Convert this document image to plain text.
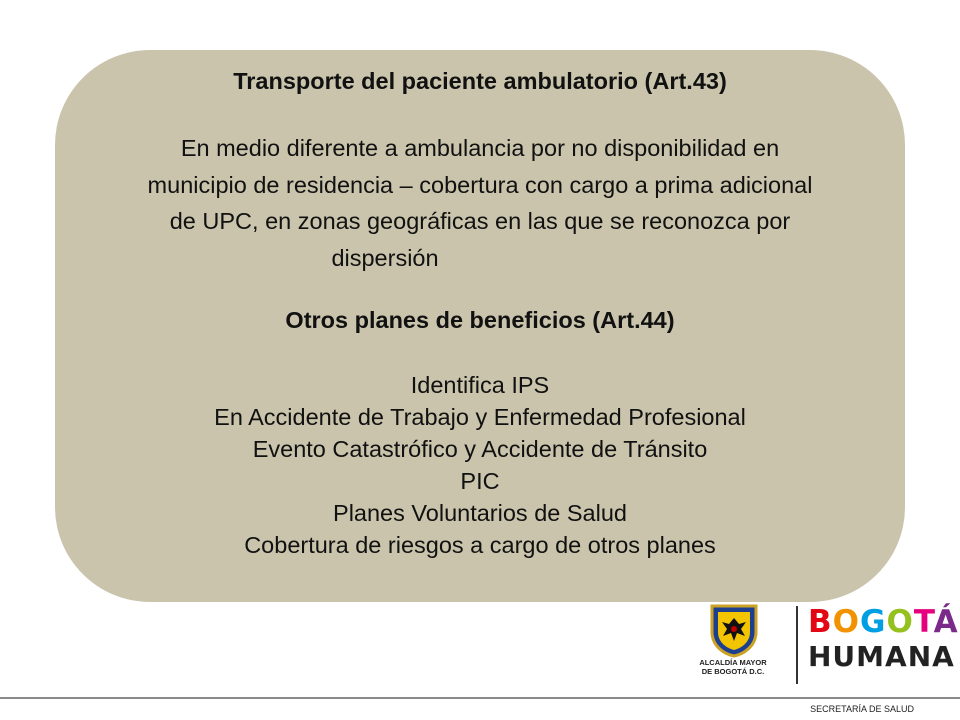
Transporte del paciente ambulatorio (Art.43)

En medio diferente a ambulancia por no disponibilidad en

municipio de residencia – cobertura con cargo a prima adicional

de UPC, en zonas geográficas en las que se reconozca por

dispersión

Otros planes de beneficios (Art.44)

Identifica IPS
En Accidente de Trabajo y Enfermedad Profesional
Evento Catastrófico y Accidente de Tránsito
PIC
Planes Voluntarios de Salud
Cobertura de riesgos a cargo de otros planes
ALCALDÍA MAYOR
DE BOGOTÁ D.C.
BOGOTÁ
HUMANA
SECRETARÍA DE SALUD
